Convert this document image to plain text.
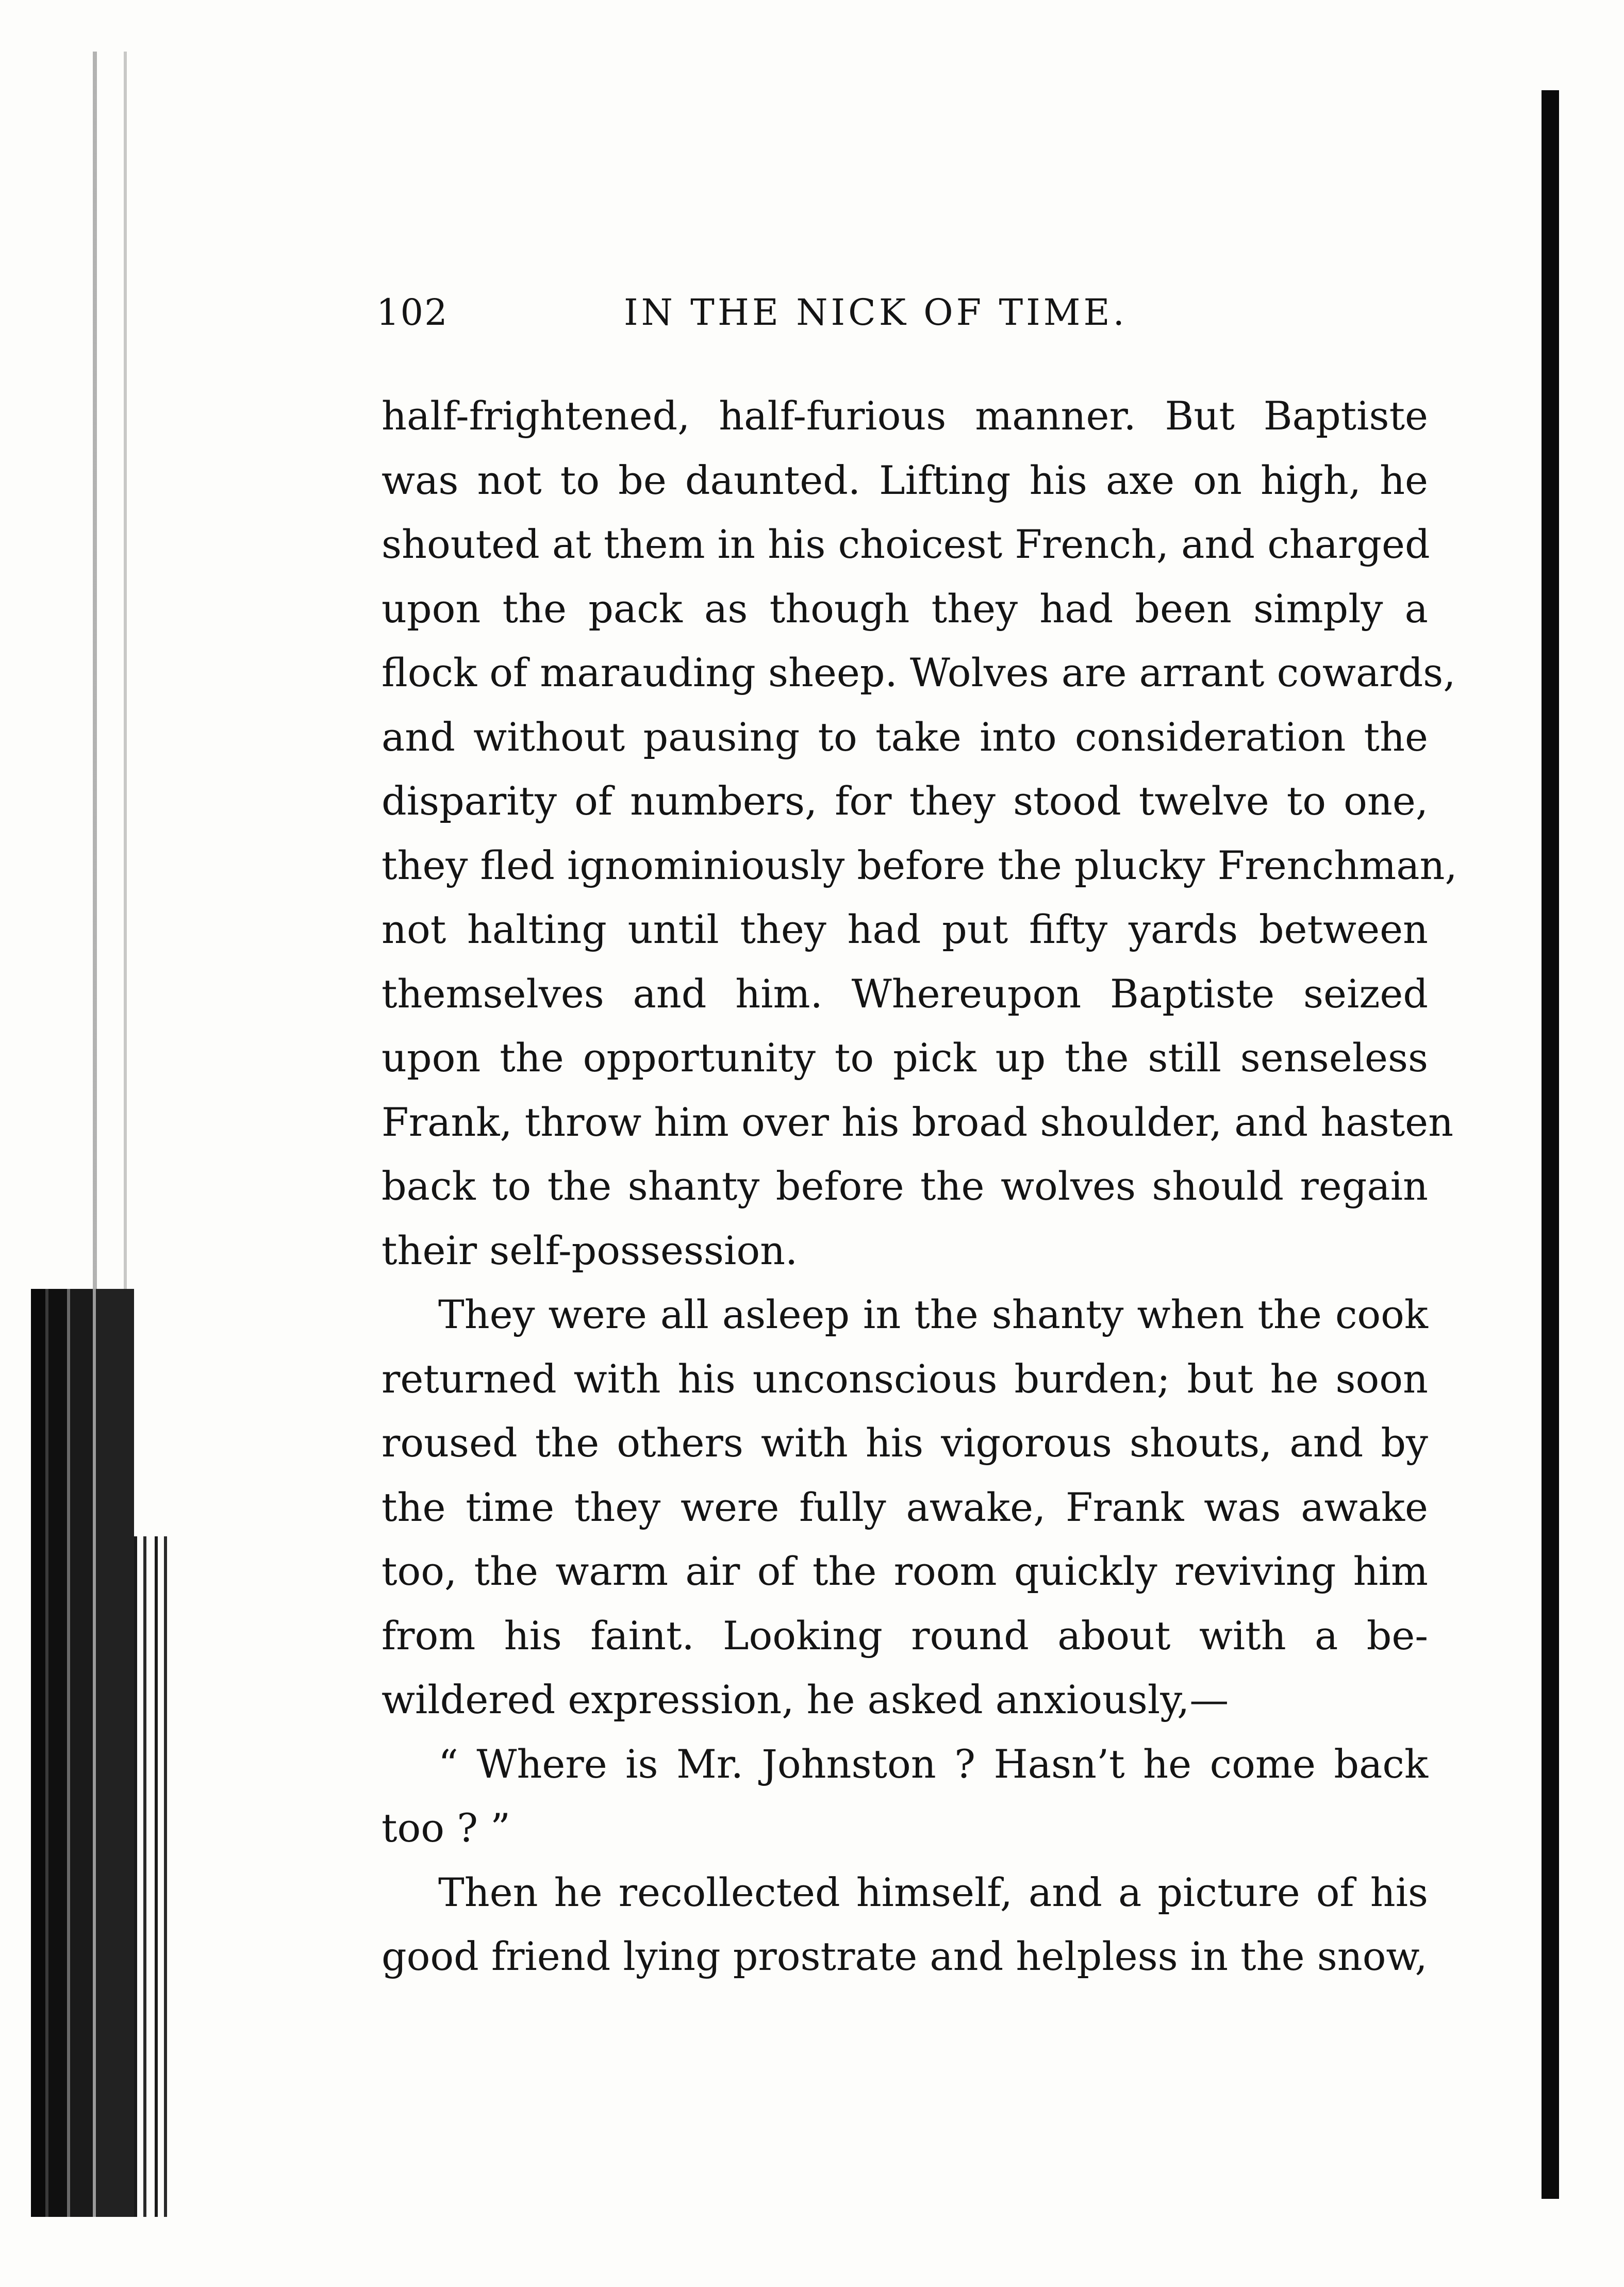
102	IN THE NICK OF TIME.
half-frightened, half-furious manner. But Baptiste
was not to be daunted. Lifting his axe on high, he
shouted at them in his choicest French, and charged
upon the pack as though they had been simply a
flock of marauding sheep. Wolves are arrant cowards,
and without pausing to take into consideration the
disparity of numbers, for they stood twelve to one,
they fled ignominiously before the plucky Frenchman,
not halting until they had put fifty yards between
themselves and him. Whereupon Baptiste seized
upon the opportunity to pick up the still senseless
Frank, throw him over his broad shoulder, and hasten
back to the shanty before the wolves should regain
their self-possession.
They were all asleep in the shanty when the cook
returned with his unconscious burden; but he soon
roused the others with his vigorous shouts, and by
the time they were fully awake, Frank was awake
too, the warm air of the room quickly reviving him
from his faint. Looking round about with a be-
wildered expression, he asked anxiously,—
“ Where is Mr. Johnston ? Hasn’t he come back
too ? ”
Then he recollected himself, and a picture of his
good friend lying prostrate and helpless in the snow,
